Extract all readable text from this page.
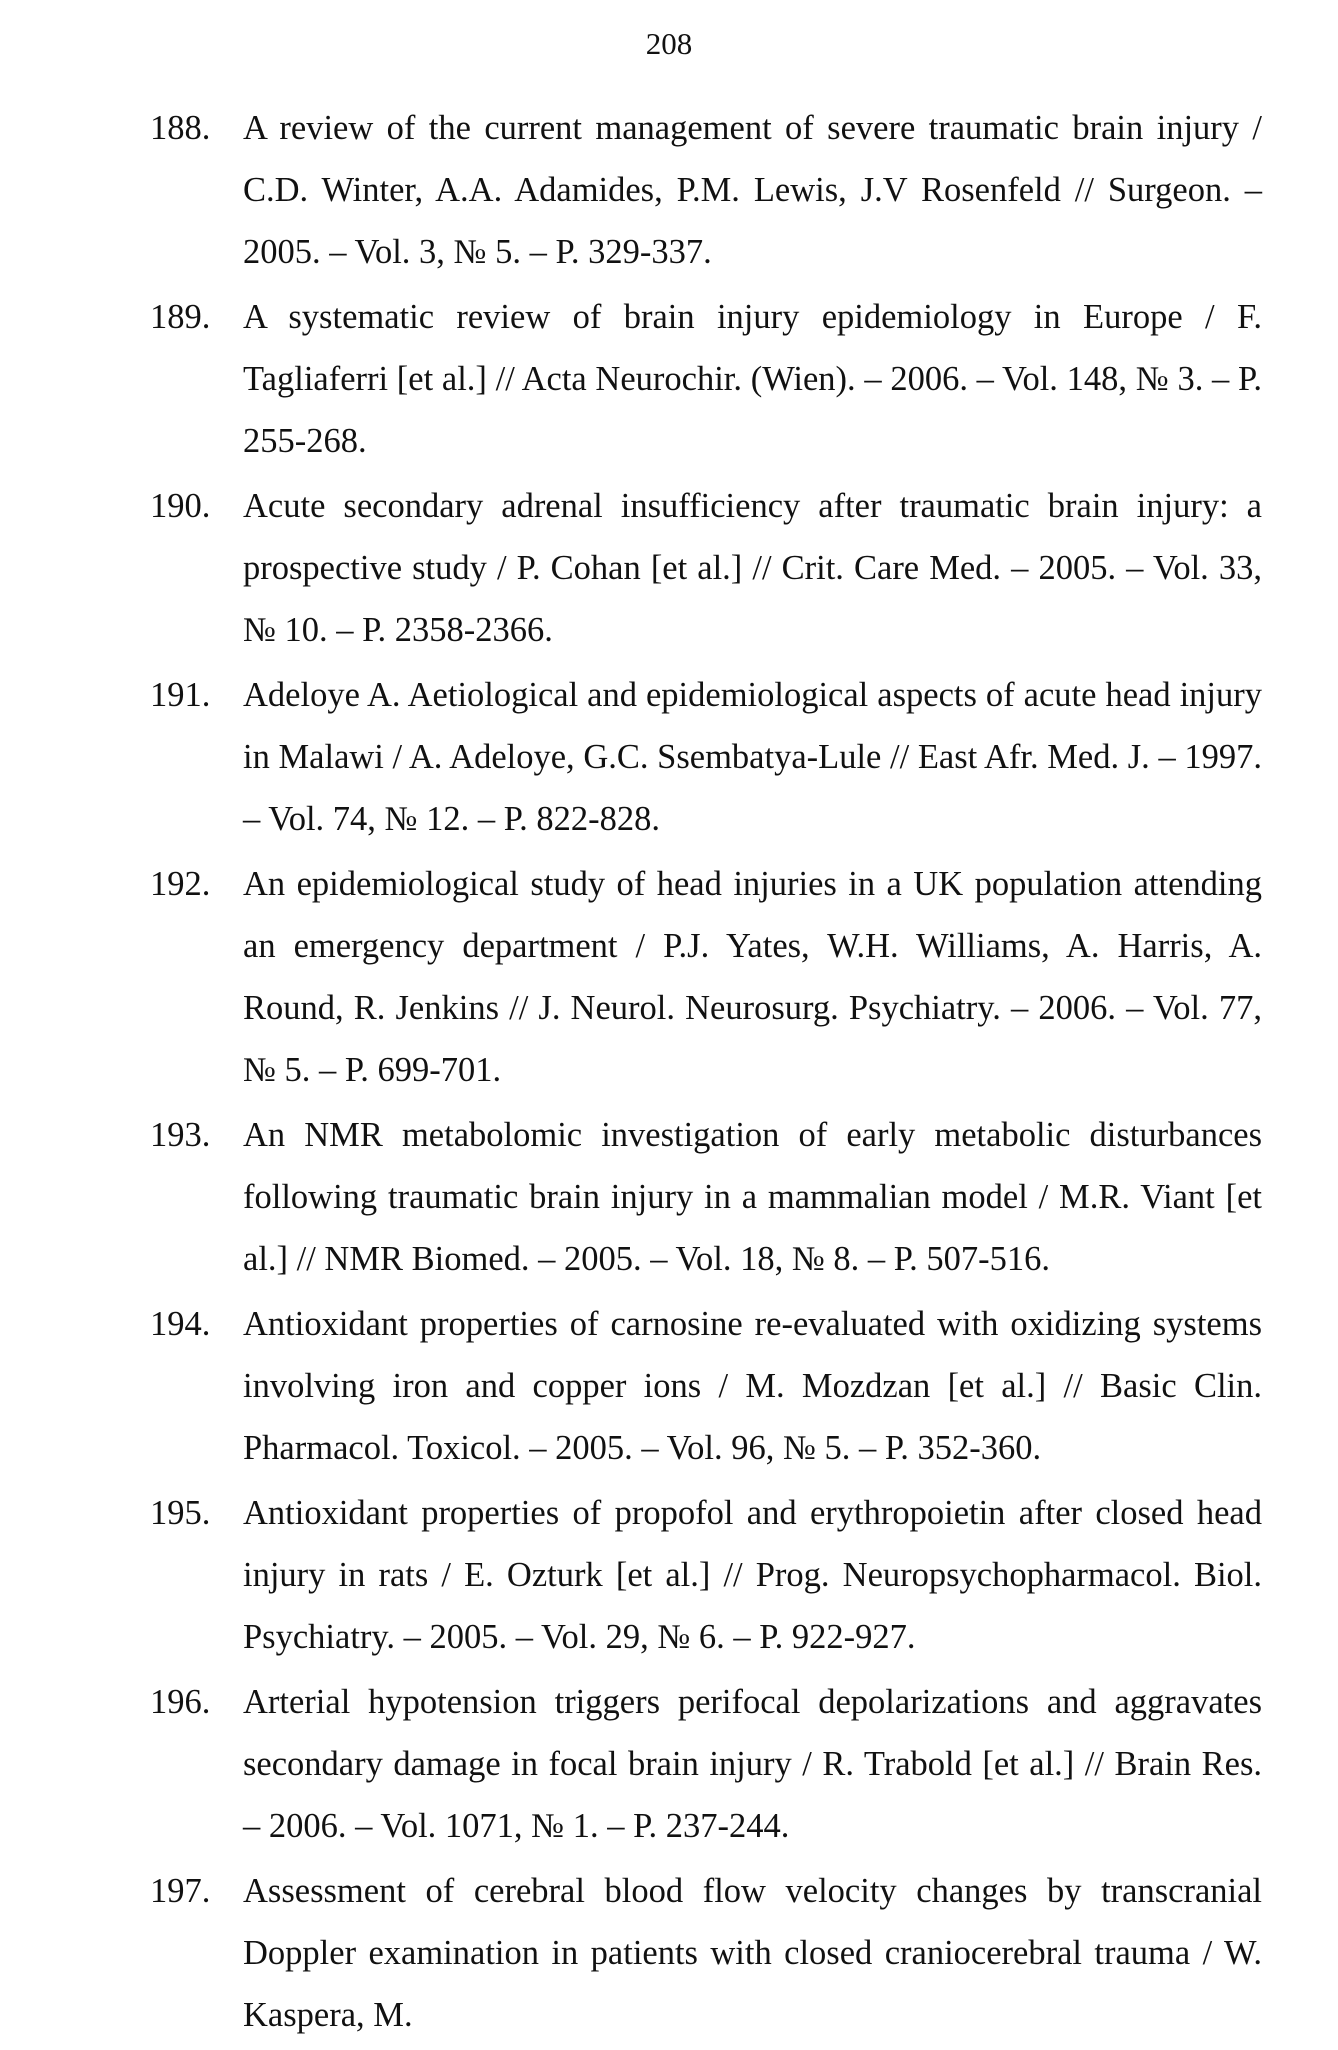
208
188. A review of the current management of severe traumatic brain injury / C.D. Winter, A.A. Adamides, P.M. Lewis, J.V Rosenfeld // Surgeon. – 2005. – Vol. 3, № 5. – P. 329-337.
189. A systematic review of brain injury epidemiology in Europe / F. Tagliaferri [et al.] // Acta Neurochir. (Wien). – 2006. – Vol. 148, № 3. – P. 255-268.
190. Acute secondary adrenal insufficiency after traumatic brain injury: a prospective study / P. Cohan [et al.] // Crit. Care Med. – 2005. – Vol. 33, № 10. – P. 2358-2366.
191. Adeloye A. Aetiological and epidemiological aspects of acute head injury in Malawi / A. Adeloye, G.C. Ssembatya-Lule // East Afr. Med. J. – 1997. – Vol. 74, № 12. – P. 822-828.
192. An epidemiological study of head injuries in a UK population attending an emergency department / P.J. Yates, W.H. Williams, A. Harris, A. Round, R. Jenkins // J. Neurol. Neurosurg. Psychiatry. – 2006. – Vol. 77, № 5. – P. 699-701.
193. An NMR metabolomic investigation of early metabolic disturbances following traumatic brain injury in a mammalian model / M.R. Viant [et al.] // NMR Biomed. – 2005. – Vol. 18, № 8. – P. 507-516.
194. Antioxidant properties of carnosine re-evaluated with oxidizing systems involving iron and copper ions / M. Mozdzan [et al.] // Basic Clin. Pharmacol. Toxicol. – 2005. – Vol. 96, № 5. – P. 352-360.
195. Antioxidant properties of propofol and erythropoietin after closed head injury in rats / E. Ozturk [et al.] // Prog. Neuropsychopharmacol. Biol. Psychiatry. – 2005. – Vol. 29, № 6. – P. 922-927.
196. Arterial hypotension triggers perifocal depolarizations and aggravates secondary damage in focal brain injury / R. Trabold [et al.] // Brain Res. – 2006. – Vol. 1071, № 1. – P. 237-244.
197. Assessment of cerebral blood flow velocity changes by transcranial Doppler examination in patients with closed craniocerebral trauma / W. Kaspera, M.
